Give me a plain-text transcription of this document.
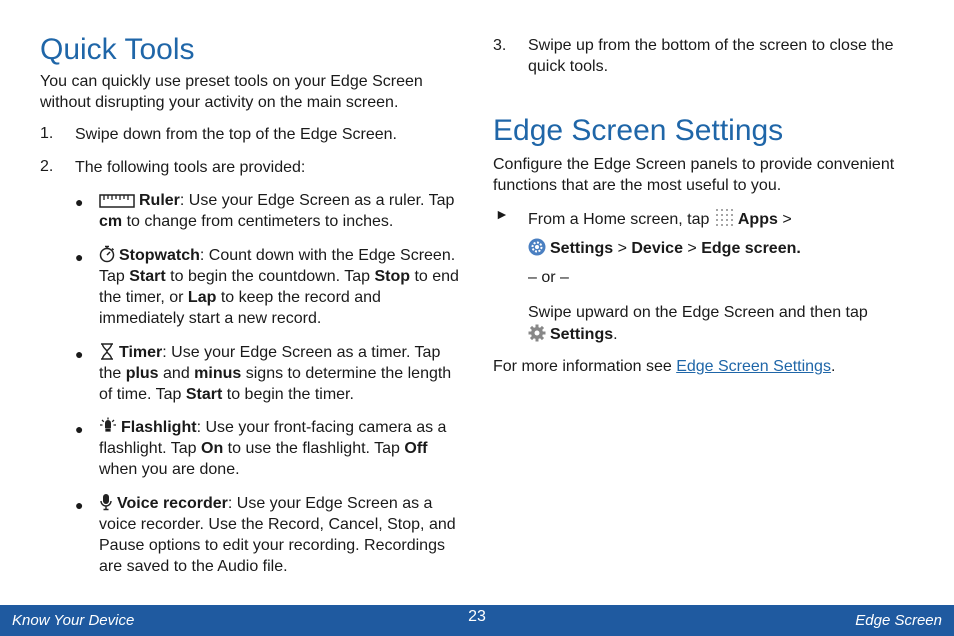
Quick Tools

You can quickly use preset tools on your Edge Screen without disrupting your activity on the main screen.

1. Swipe down from the top of the Edge Screen.
2. The following tools are provided:
●	Ruler: Use your Edge Screen as a ruler. Tap cm to change from centimeters to inches.
●	Stopwatch: Count down with the Edge Screen. Tap Start to begin the countdown. Tap Stop to end the timer, or Lap to keep the record and immediately start a new record.
●	Timer: Use your Edge Screen as a timer. Tap the plus and minus signs to determine the length of time. Tap Start to begin the timer.
●	Flashlight: Use your front-facing camera as a flashlight. Tap On to use the flashlight. Tap Off when you are done.
●	Voice recorder: Use your Edge Screen as a voice recorder. Use the Record, Cancel, Stop, and Pause options to edit your recording. Recordings are saved to the Audio file.
3. Swipe up from the bottom of the screen to close the quick tools.
Edge Screen Settings

Configure the Edge Screen panels to provide convenient functions that are the most useful to you.

► From a Home screen, tap Apps >
Settings > Device > Edge screen.
– or –
Swipe upward on the Edge Screen and then tap
Settings.

For more information see Edge Screen Settings.

Know Your Device	23	Edge Screen
